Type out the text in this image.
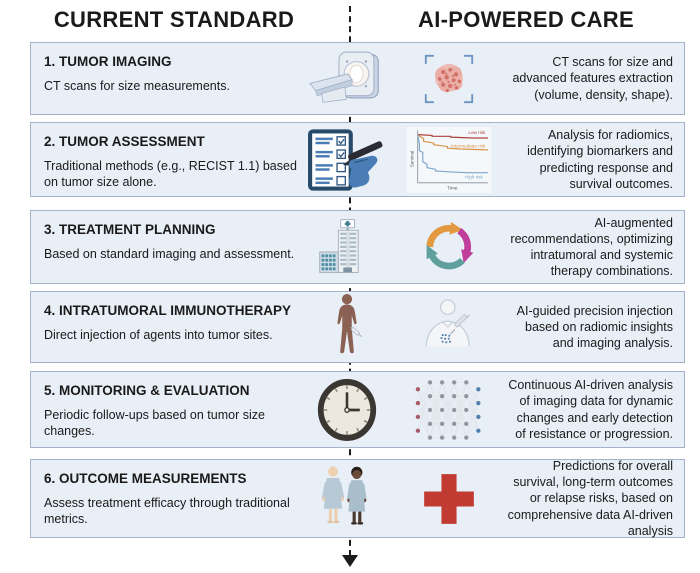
CURRENT STANDARD	AI-POWERED CARE
1. TUMOR IMAGING
CT scans for size measurements.
CT scans for size and advanced features extraction (volume, density, shape).
2. TUMOR ASSESSMENT
Traditional methods (e.g., RECIST 1.1) based on tumor size alone.
Low risk
Intermediate risk
High risk
Survival
Time
Analysis for radiomics, identifying biomarkers and predicting response and survival outcomes.
3. TREATMENT PLANNING
Based on standard imaging and assessment.
AI-augmented recommendations, optimizing intratumoral and systemic therapy combinations.
4. INTRATUMORAL IMMUNOTHERAPY
Direct injection of agents into tumor sites.
AI-guided precision injection based on radiomic insights and imaging analysis.
5. MONITORING & EVALUATION
Periodic follow-ups based on tumor size changes.
Continuous AI-driven analysis of imaging data for dynamic changes and early detection of resistance or progression.
6. OUTCOME MEASUREMENTS
Assess treatment efficacy through traditional metrics.
Predictions for overall survival, long-term outcomes or relapse risks, based on comprehensive data AI-driven analysis
